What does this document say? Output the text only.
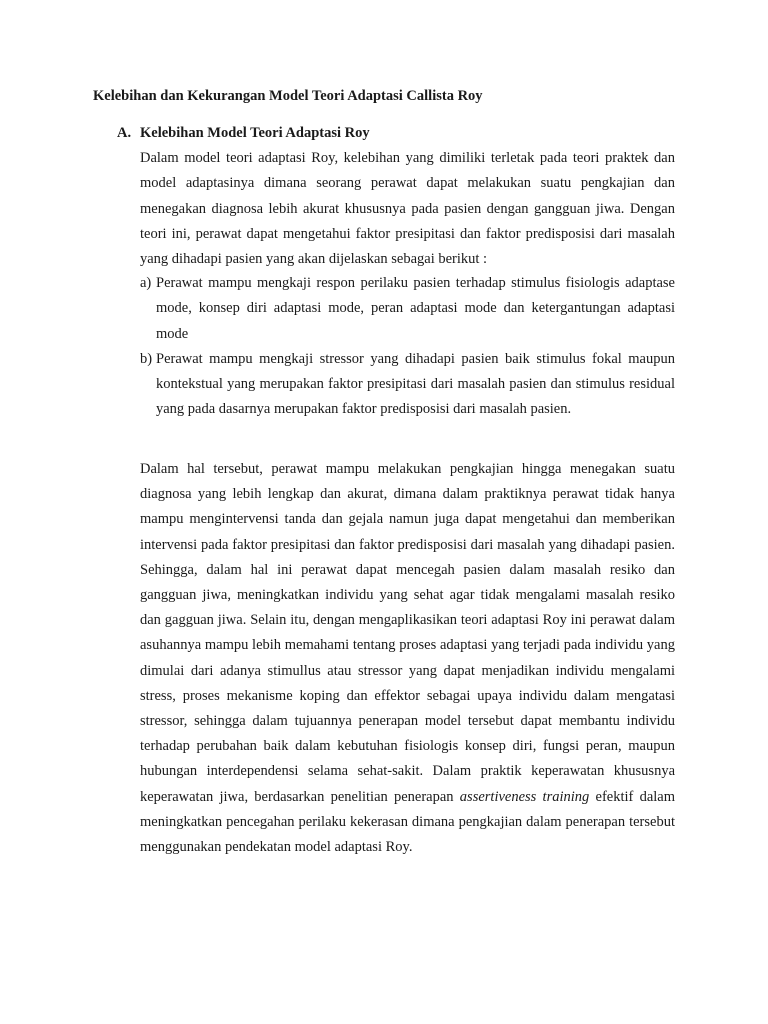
Kelebihan dan Kekurangan Model Teori Adaptasi Callista Roy
A. Kelebihan Model Teori Adaptasi Roy
Dalam model teori adaptasi Roy, kelebihan yang dimiliki terletak pada teori praktek dan model adaptasinya dimana seorang perawat dapat melakukan suatu pengkajian dan menegakan diagnosa lebih akurat khususnya pada pasien dengan gangguan jiwa. Dengan teori ini, perawat dapat mengetahui faktor presipitasi dan faktor predisposisi dari masalah yang dihadapi pasien yang akan dijelaskan sebagai berikut :
a) Perawat mampu mengkaji respon perilaku pasien terhadap stimulus fisiologis adaptase mode, konsep diri adaptasi mode, peran adaptasi mode dan ketergantungan adaptasi mode
b) Perawat mampu mengkaji stressor yang dihadapi pasien baik stimulus fokal maupun kontekstual yang merupakan faktor presipitasi dari masalah pasien dan stimulus residual yang pada dasarnya merupakan faktor predisposisi dari masalah pasien.
Dalam hal tersebut, perawat mampu melakukan pengkajian hingga menegakan suatu diagnosa yang lebih lengkap dan akurat, dimana dalam praktiknya perawat tidak hanya mampu mengintervensi tanda dan gejala namun juga dapat mengetahui dan memberikan intervensi pada faktor presipitasi dan faktor predisposisi dari masalah yang dihadapi pasien. Sehingga, dalam hal ini perawat dapat mencegah pasien dalam masalah resiko dan gangguan jiwa, meningkatkan individu yang sehat agar tidak mengalami masalah resiko dan gagguan jiwa. Selain itu, dengan mengaplikasikan teori adaptasi Roy ini perawat dalam asuhannya mampu lebih memahami tentang proses adaptasi yang terjadi pada individu yang dimulai dari adanya stimullus atau stressor yang dapat menjadikan individu mengalami stress, proses mekanisme koping dan effektor sebagai upaya individu dalam mengatasi stressor, sehingga dalam tujuannya penerapan model tersebut dapat membantu individu terhadap perubahan baik dalam kebutuhan fisiologis konsep diri, fungsi peran, maupun hubungan interdependensi selama sehat-sakit. Dalam praktik keperawatan khususnya keperawatan jiwa, berdasarkan penelitian penerapan assertiveness training efektif dalam meningkatkan pencegahan perilaku kekerasan dimana pengkajian dalam penerapan tersebut menggunakan pendekatan model adaptasi Roy.
